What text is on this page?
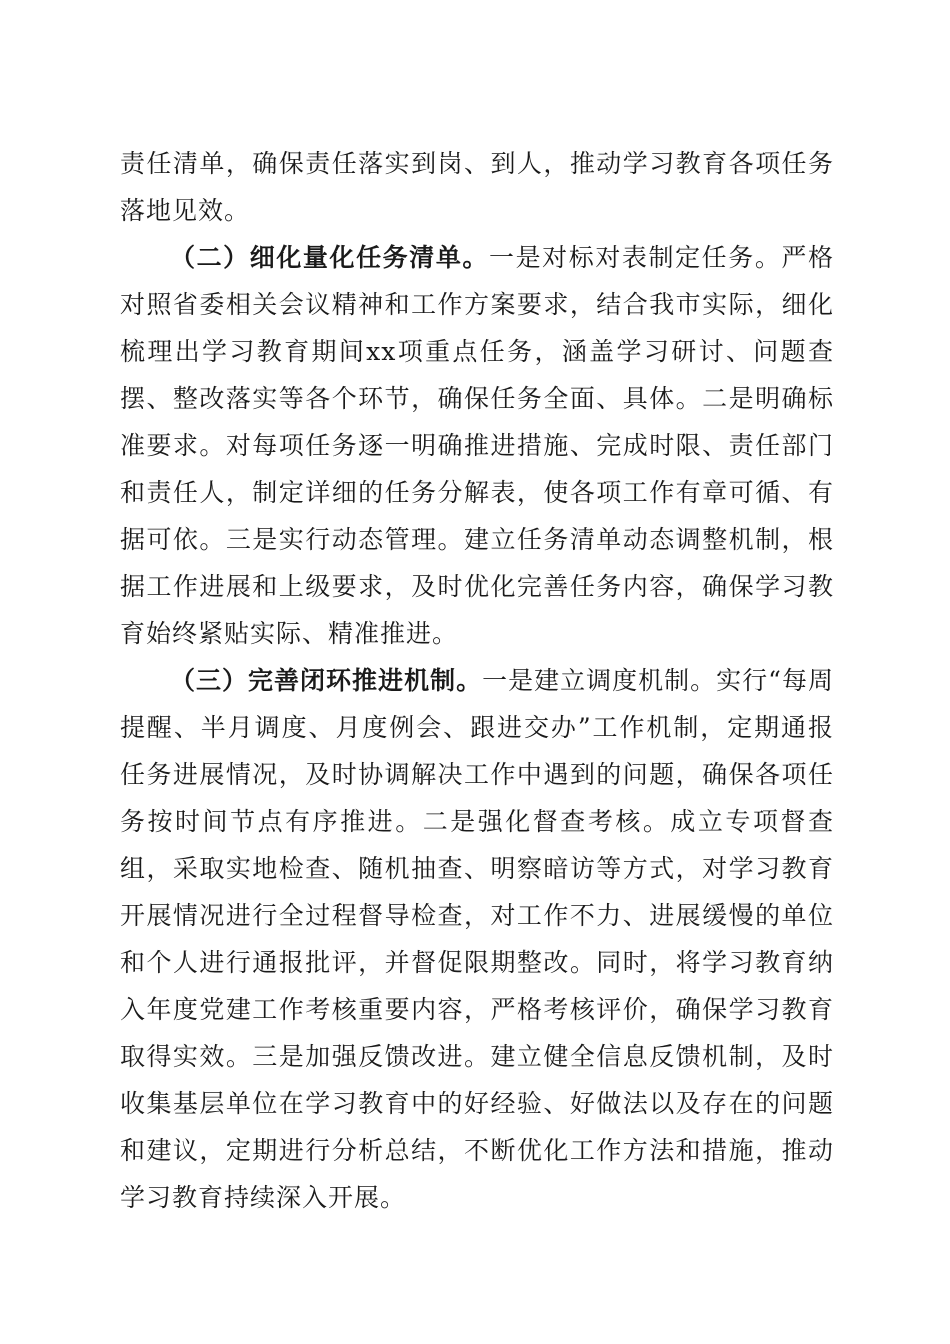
责任清单，确保责任落实到岗、到人，推动学习教育各项任务落地见效。

（二）细化量化任务清单。一是对标对表制定任务。严格对照省委相关会议精神和工作方案要求，结合我市实际，细化梳理出学习教育期间xx项重点任务，涵盖学习研讨、问题查摆、整改落实等各个环节，确保任务全面、具体。二是明确标准要求。对每项任务逐一明确推进措施、完成时限、责任部门和责任人，制定详细的任务分解表，使各项工作有章可循、有据可依。三是实行动态管理。建立任务清单动态调整机制，根据工作进展和上级要求，及时优化完善任务内容，确保学习教育始终紧贴实际、精准推进。

（三）完善闭环推进机制。一是建立调度机制。实行“每周提醒、半月调度、月度例会、跟进交办”工作机制，定期通报任务进展情况，及时协调解决工作中遇到的问题，确保各项任务按时间节点有序推进。二是强化督查考核。成立专项督查组，采取实地检查、随机抽查、明察暗访等方式，对学习教育开展情况进行全过程督导检查，对工作不力、进展缓慢的单位和个人进行通报批评，并督促限期整改。同时，将学习教育纳入年度党建工作考核重要内容，严格考核评价，确保学习教育取得实效。三是加强反馈改进。建立健全信息反馈机制，及时收集基层单位在学习教育中的好经验、好做法以及存在的问题和建议，定期进行分析总结，不断优化工作方法和措施，推动学习教育持续深入开展。
